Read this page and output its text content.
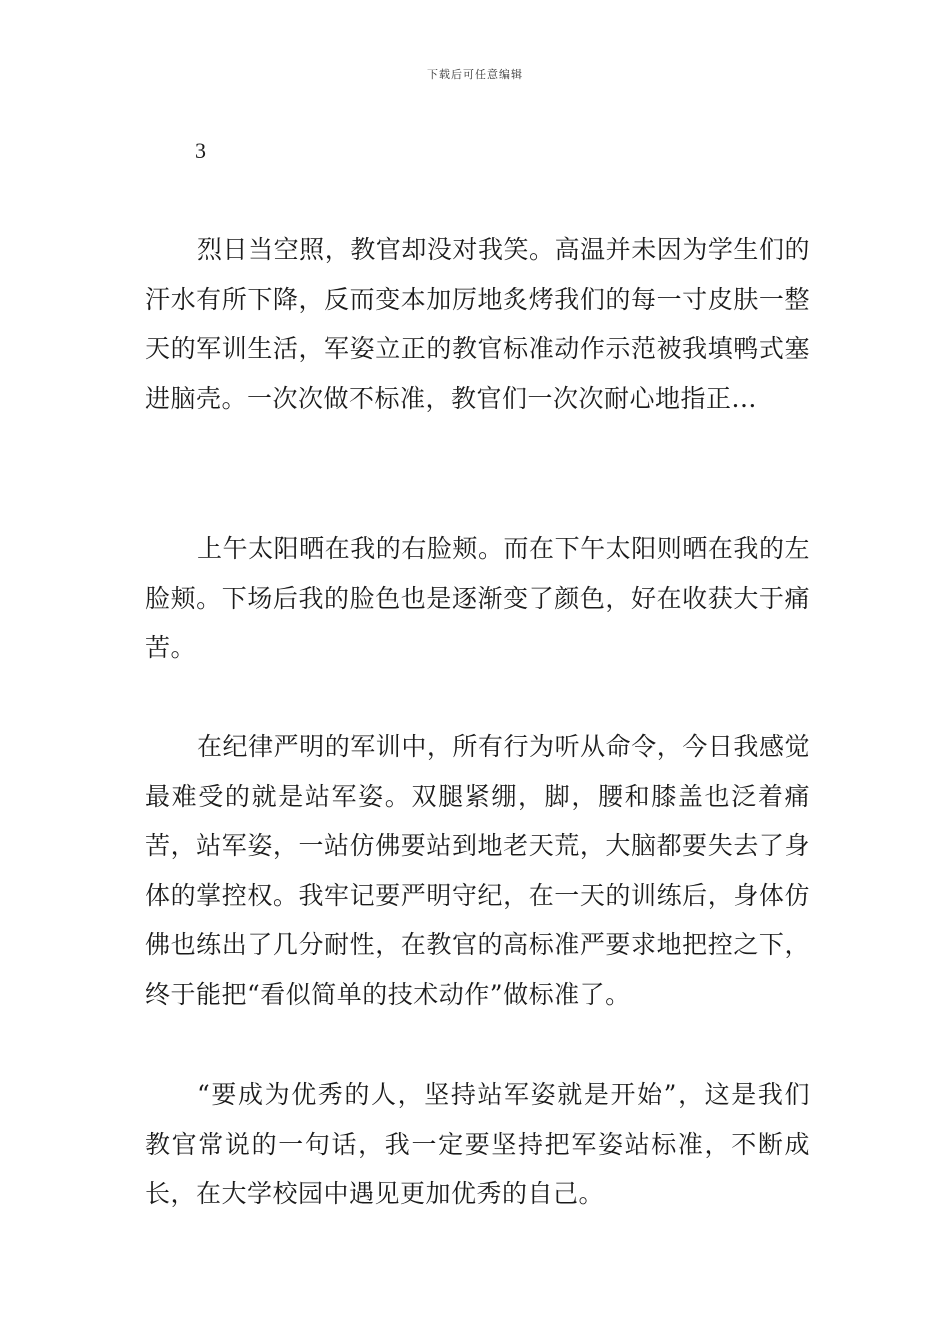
下载后可任意编辑
3

烈日当空照，教官却没对我笑。高温并未因为学生们的汗水有所下降，反而变本加厉地炙烤我们的每一寸皮肤一整天的军训生活，军姿立正的教官标准动作示范被我填鸭式塞进脑壳。一次次做不标准，教官们一次次耐心地指正...

上午太阳晒在我的右脸颊。而在下午太阳则晒在我的左脸颊。下场后我的脸色也是逐渐变了颜色，好在收获大于痛苦。

在纪律严明的军训中，所有行为听从命令，今日我感觉最难受的就是站军姿。双腿紧绷，脚，腰和膝盖也泛着痛苦，站军姿，一站仿佛要站到地老天荒，大脑都要失去了身体的掌控权。我牢记要严明守纪，在一天的训练后，身体仿佛也练出了几分耐性，在教官的高标准严要求地把控之下，终于能把“看似简单的技术动作”做标准了。

“要成为优秀的人，坚持站军姿就是开始”，这是我们教官常说的一句话，我一定要坚持把军姿站标准，不断成长，在大学校园中遇见更加优秀的自己。
